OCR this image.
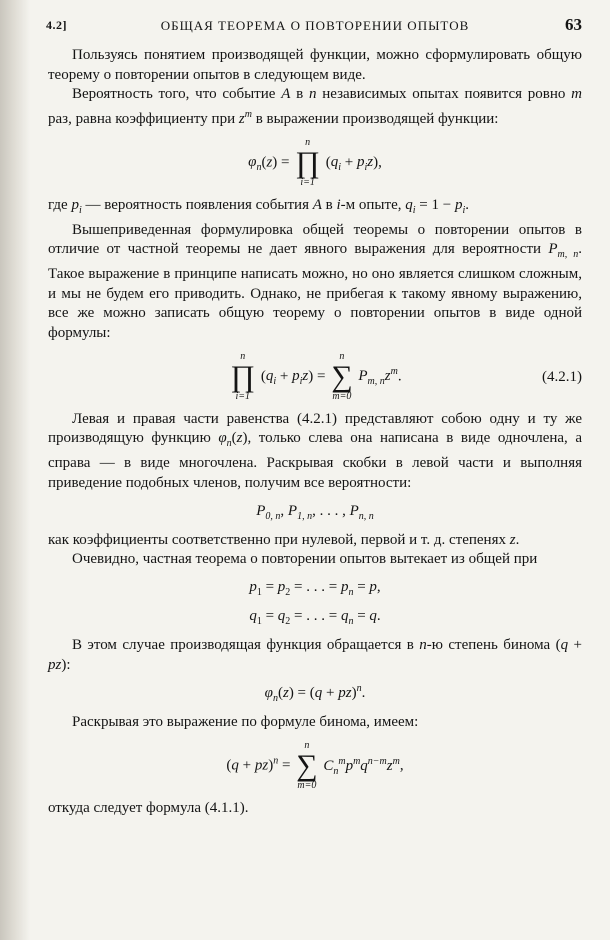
4.2]	ОБЩАЯ ТЕОРЕМА О ПОВТОРЕНИИ ОПЫТОВ	63

Пользуясь понятием производящей функции, можно сформулировать общую теорему о повторении опытов в следующем виде.

Вероятность того, что событие A в n независимых опытах появится ровно m раз, равна коэффициенту при $z^m$ в выражении производящей функции:

$\varphi_n(z)$ =
n
∏
i=1
$(q_i + p_iz)$,

где $p_i$ — вероятность появления события A в i-м опыте, $q_i = 1 - p_i$.

Вышеприведенная формулировка общей теоремы о повторении опытов в отличие от частной теоремы не дает явного выражения для вероятности $P_{m, n}$. Такое выражение в принципе написать можно, но оно является слишком сложным, и мы не будем его приводить. Однако, не прибегая к такому явному выражению, все же можно записать общую теорему о повторении опытов в виде одной формулы:

n
∏
i=1
$(q_i + p_iz)$ =
n
∑
m=0
$P_{m, n}z^m$.	(4.2.1)

Левая и правая части равенства (4.2.1) представляют собою одну и ту же производящую функцию $\varphi_n(z)$, только слева она написана в виде одночлена, а справа — в виде многочлена. Раскрывая скобки в левой части и выполняя приведение подобных членов, получим все вероятности:

$P_{0, n}$, $P_{1, n}$, . . . , $P_{n, n}$

как коэффициенты соответственно при нулевой, первой и т. д. степенях z.

Очевидно, частная теорема о повторении опытов вытекает из общей при

$p_1 = p_2$ = . . . = $p_n = p$,
$q_1 = q_2$ = . . . = $q_n = q$.

В этом случае производящая функция обращается в n-ю степень бинома (q + pz):

$\varphi_n(z) = (q + pz)^n$.

Раскрывая это выражение по формуле бинома, имеем:

(q + pz)$^n$ =
n
∑
m=0
$C_n^mp^mq^{n-m}z^m$,

откуда следует формула (4.1.1).
